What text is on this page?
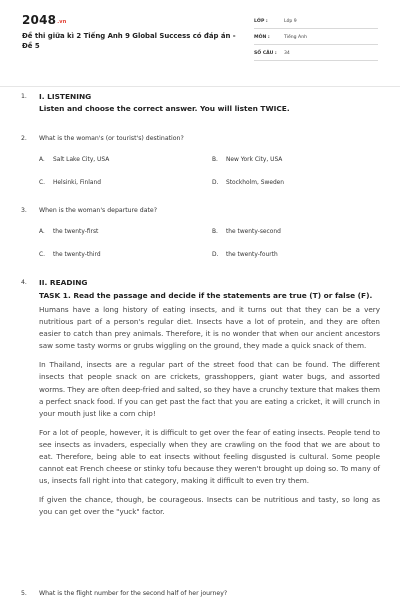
2048.vn
Đề thi giữa kì 2 Tiếng Anh 9 Global Success có đáp án - Đề 5
LỚP :	Lớp 9
MÔN :	Tiếng Anh
SỐ CÂU :	34
1. I. LISTENING
Listen and choose the correct answer. You will listen TWICE.
2. What is the woman's (or tourist's) destination?
A.	Salt Lake City, USA	B.	New York City, USA
C.	Helsinki, Finland	D.	Stockholm, Sweden
3. When is the woman's departure date?
A.	the twenty-first	B.	the twenty-second
C.	the twenty-third	D.	the twenty-fourth
4. II. READING
TASK 1. Read the passage and decide if the statements are true (T) or false (F).

Humans have a long history of eating insects, and it turns out that they can be a very nutritious part of a person's regular diet. Insects have a lot of protein, and they are often easier to catch than prey animals. Therefore, it is no wonder that when our ancient ancestors saw some tasty worms or grubs wiggling on the ground, they made a quick snack of them.

In Thailand, insects are a regular part of the street food that can be found. The different insects that people snack on are crickets, grasshoppers, giant water bugs, and assorted worms. They are often deep-fried and salted, so they have a crunchy texture that makes them a perfect snack food. If you can get past the fact that you are eating a cricket, it will crunch in your mouth just like a corn chip!

For a lot of people, however, it is difficult to get over the fear of eating insects. People tend to see insects as invaders, especially when they are crawling on the food that we are about to eat. Therefore, being able to eat insects without feeling disgusted is cultural. Some people cannot eat French cheese or stinky tofu because they weren't brought up doing so. To many of us, insects fall right into that category, making it difficult to even try them.

If given the chance, though, be courageous. Insects can be nutritious and tasty, so long as you can get over the "yuck" factor.

5. What is the flight number for the second half of her journey?
